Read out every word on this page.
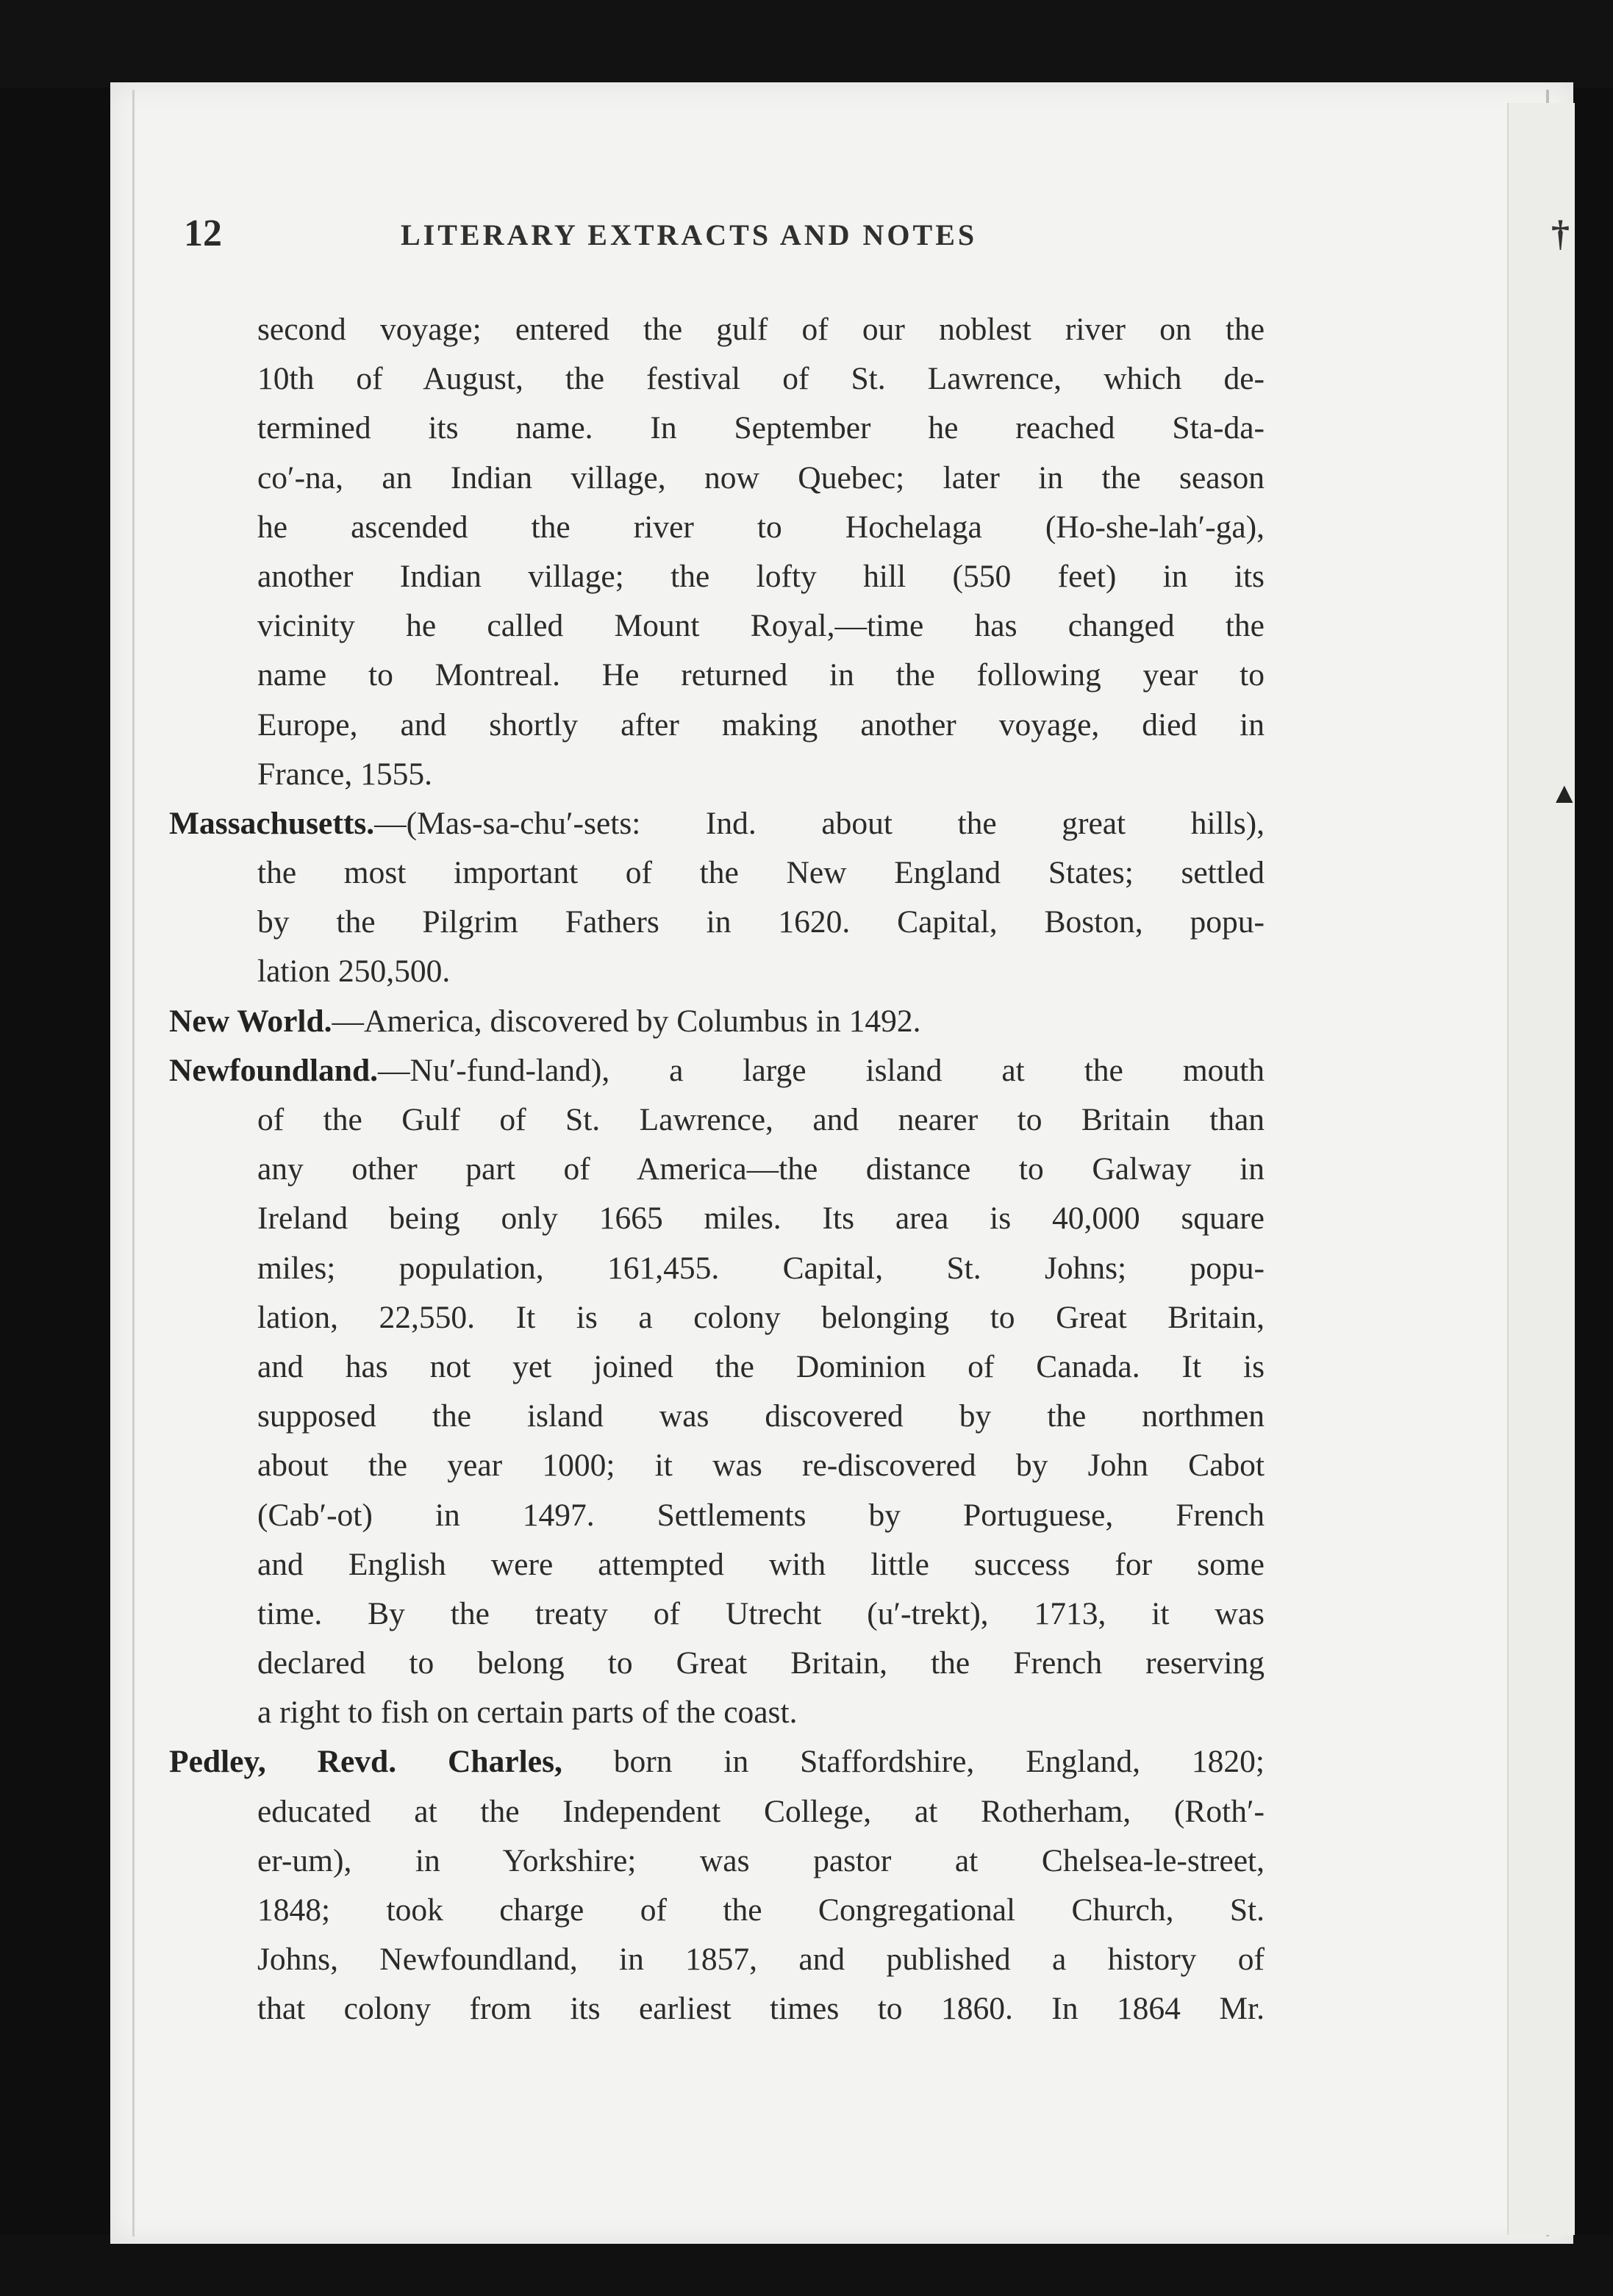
12	LITERARY EXTRACTS AND NOTES	†
second voyage; entered the gulf of our noblest river on the
10th of August, the festival of St. Lawrence, which de-
termined its name. In September he reached Sta-da-
co′-na, an Indian village, now Quebec; later in the season
he ascended the river to Hochelaga (Ho-she-lah′-ga),
another Indian village; the lofty hill (550 feet) in its
vicinity he called Mount Royal,—time has changed the
name to Montreal. He returned in the following year to
Europe, and shortly after making another voyage, died in
France, 1555.
Massachusetts.—(Mas-sa-chu′-sets: Ind. about the great hills),
the most important of the New England States; settled
by the Pilgrim Fathers in 1620. Capital, Boston, popu-
lation 250,500.
New World.—America, discovered by Columbus in 1492.
Newfoundland.—Nu′-fund-land), a large island at the mouth
of the Gulf of St. Lawrence, and nearer to Britain than
any other part of America—the distance to Galway in
Ireland being only 1665 miles. Its area is 40,000 square
miles; population, 161,455. Capital, St. Johns; popu-
lation, 22,550. It is a colony belonging to Great Britain,
and has not yet joined the Dominion of Canada. It is
supposed the island was discovered by the northmen
about the year 1000; it was re-discovered by John Cabot
(Cab′-ot) in 1497. Settlements by Portuguese, French
and English were attempted with little success for some
time. By the treaty of Utrecht (u′-trekt), 1713, it was
declared to belong to Great Britain, the French reserving
a right to fish on certain parts of the coast.
Pedley, Revd. Charles, born in Staffordshire, England, 1820;
educated at the Independent College, at Rotherham, (Roth′-
er-um), in Yorkshire; was pastor at Chelsea-le-street,
1848; took charge of the Congregational Church, St.
Johns, Newfoundland, in 1857, and published a history of
that colony from its earliest times to 1860. In 1864 Mr.
▲
